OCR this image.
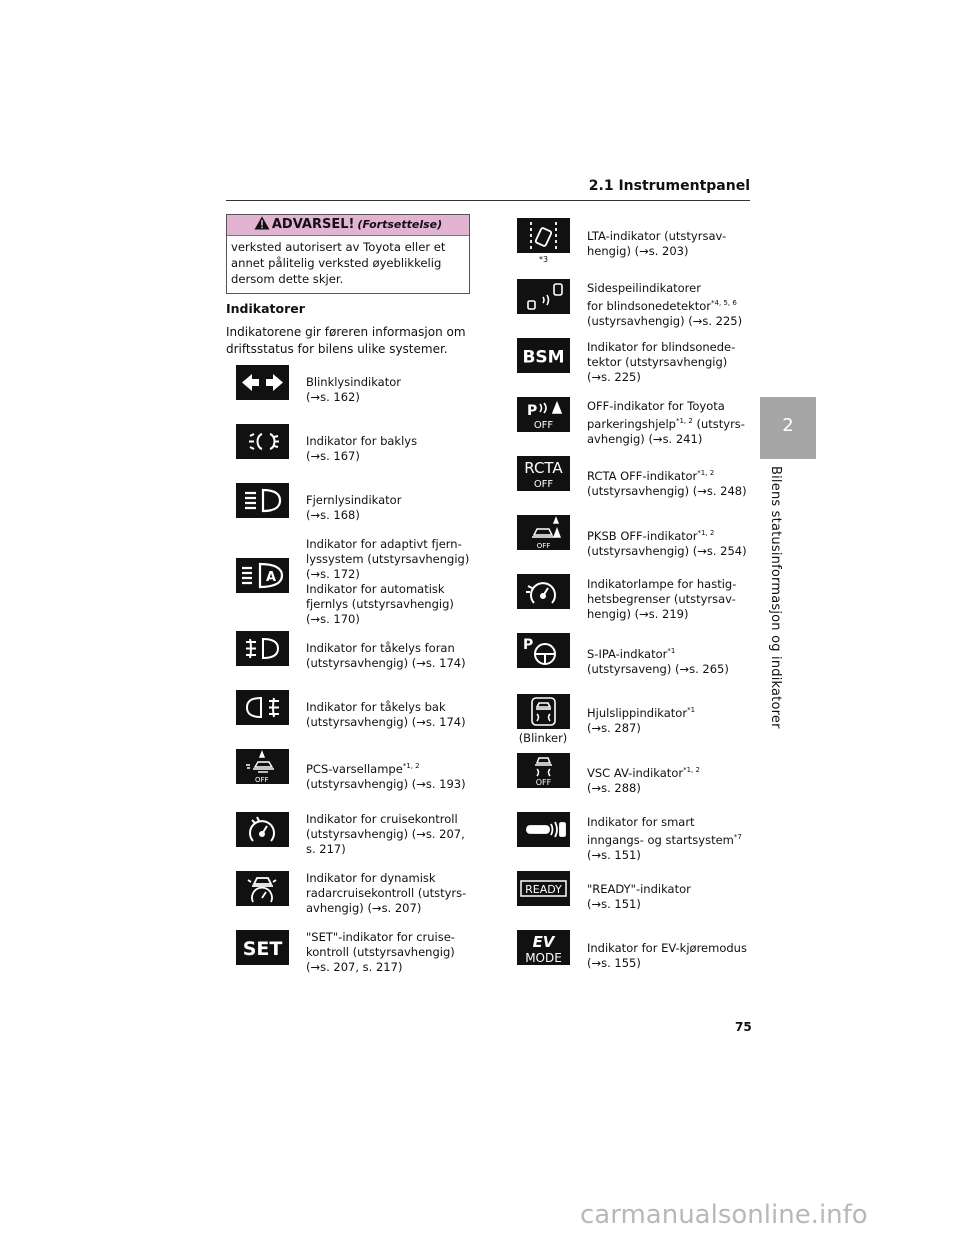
2.1 Instrumentpanel
2
Bilens statusinformasjon og indikatorer
ADVARSEL! (Fortsettelse)
verksted autorisert av Toyota eller et annet pålitelig verksted øyeblikkelig dersom dette skjer.
Indikatorer
Indikatorene gir føreren informasjon om driftsstatus for bilens ulike systemer.
A
OFF
SET
Blinklysindikator
(→s. 162)
Indikator for baklys
(→s. 167)
Fjernlysindikator
(→s. 168)
Indikator for adaptivt fjern-
lyssystem (utstyrsavhengig)
(→s. 172)
Indikator for automatisk
fjernlys (utstyrsavhengig)
(→s. 170)
Indikator for tåkelys foran
(utstyrsavhengig) (→s. 174)
Indikator for tåkelys bak
(utstyrsavhengig) (→s. 174)
PCS-varsellampe$^{*1, 2}$
(utstyrsavhengig) (→s. 193)
Indikator for cruisekontroll
(utstyrsavhengig) (→s. 207,
s. 217)
Indikator for dynamisk
radarcruisekontroll (utstyrs-
avhengig) (→s. 207)
"SET"-indikator for cruise-
kontroll (utstyrsavhengig)
(→s. 207, s. 217)
*3
BSM
P
OFF
RCTA
OFF
OFF
P
(Blinker)
OFF
READY
EV
MODE
LTA-indikator (utstyrsav-
hengig) (→s. 203)
Sidespeilindikatorer
for blindsonedetektor$^{*4, 5, 6}$
(ustyrsavhengig) (→s. 225)
Indikator for blindsonede-
tektor (utstyrsavhengig)
(→s. 225)
OFF-indikator for Toyota
parkeringshjelp$^{*1, 2}$ (utstyrs-
avhengig) (→s. 241)
RCTA OFF-indikator$^{*1, 2}$
(utstyrsavhengig) (→s. 248)
PKSB OFF-indikator$^{*1, 2}$
(utstyrsavhengig) (→s. 254)
Indikatorlampe for hastig-
hetsbegrenser (utstyrsav-
hengig) (→s. 219)
S-IPA-indkator$^{*1}$
(utstyrsaveng) (→s. 265)
Hjulslippindikator$^{*1}$
(→s. 287)
VSC AV-indikator$^{*1, 2}$
(→s. 288)
Indikator for smart
inngangs- og startsystem$^{*7}$
(→s. 151)
"READY"-indikator
(→s. 151)
Indikator for EV-kjøremodus
(→s. 155)
75
carmanualsonline.info
